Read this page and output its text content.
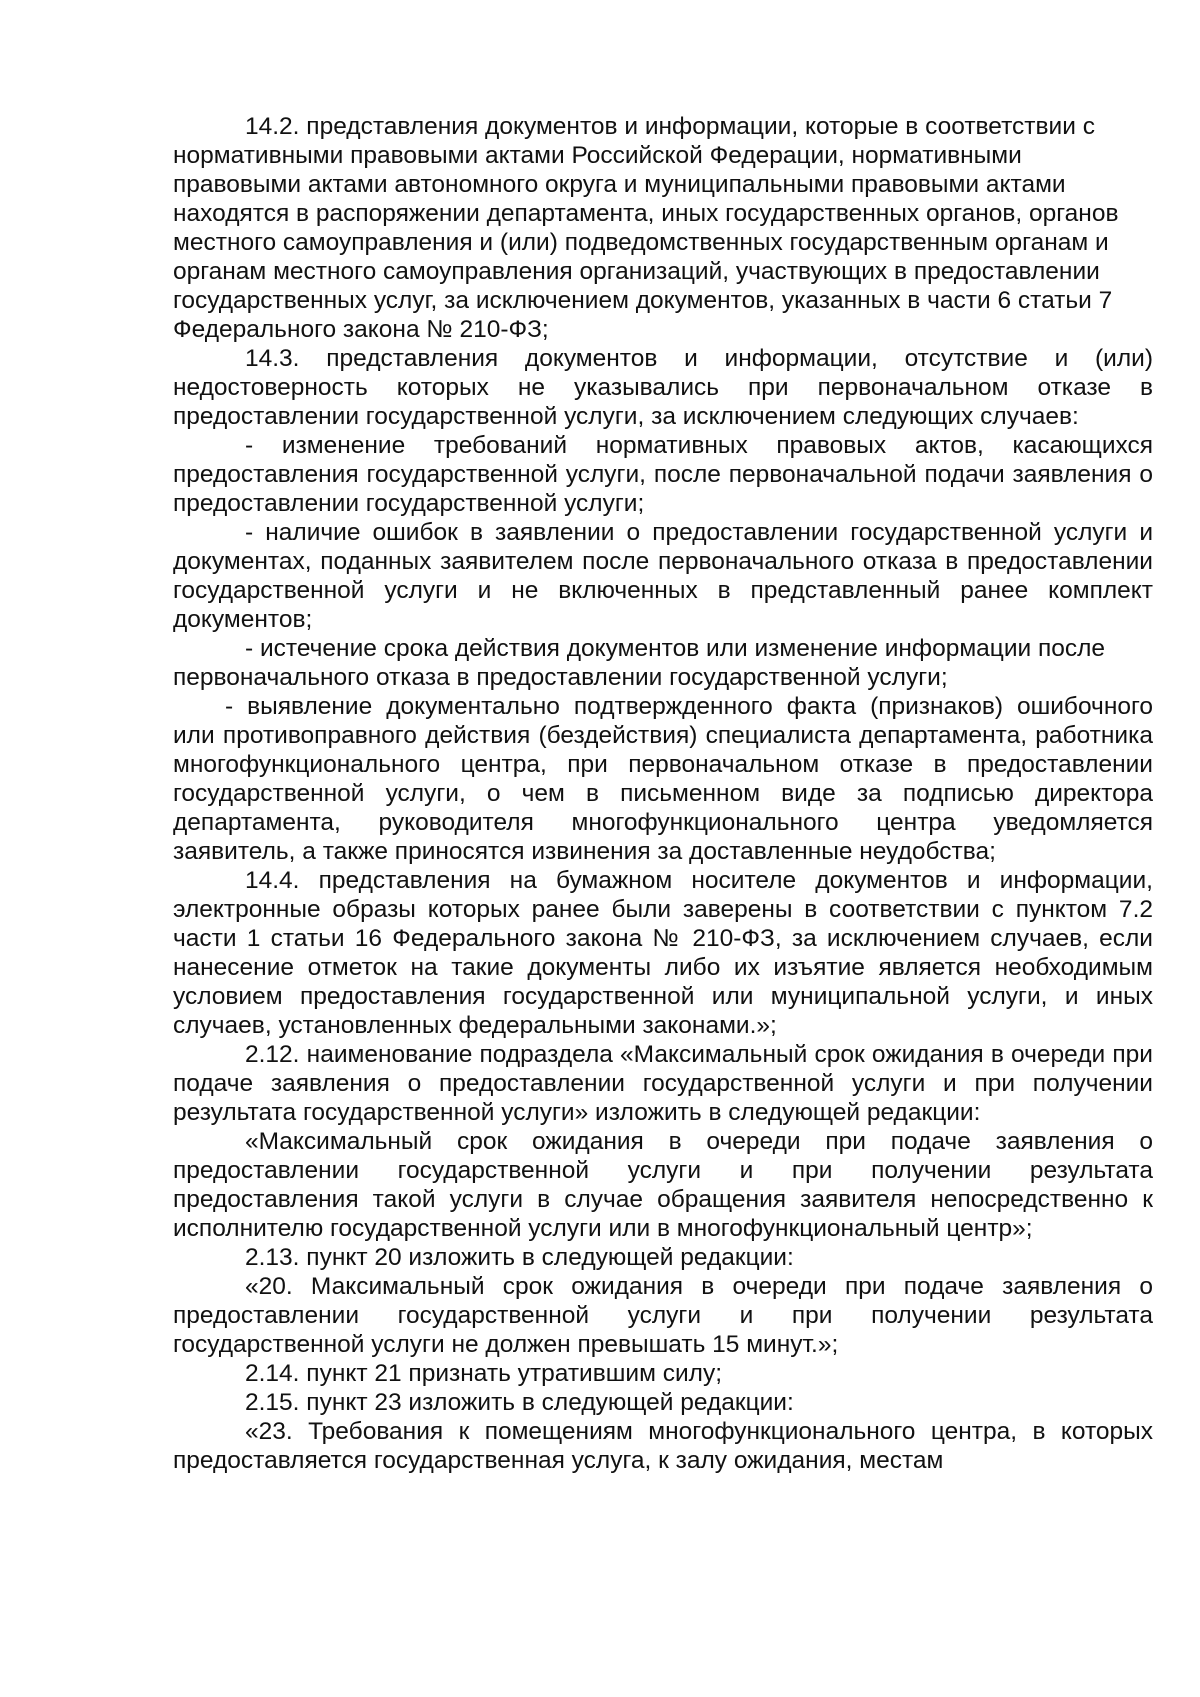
14.2. представления документов и информации, которые в соответствии с нормативными правовыми актами Российской Федерации, нормативными правовыми актами автономного округа и муниципальными правовыми актами находятся в распоряжении департамента, иных государственных органов, органов местного самоуправления и (или) подведомственных государственным органам и органам местного самоуправления организаций, участвующих в предоставлении государственных услуг, за исключением документов, указанных в части 6 статьи 7 Федерального закона № 210-ФЗ;

14.3. представления документов и информации, отсутствие и (или) недостоверность которых не указывались при первоначальном отказе в предоставлении государственной услуги, за исключением следующих случаев:

- изменение требований нормативных правовых актов, касающихся предоставления государственной услуги, после первоначальной подачи заявления о предоставлении государственной услуги;

- наличие ошибок в заявлении о предоставлении государственной услуги и документах, поданных заявителем после первоначального отказа в предоставлении государственной услуги и не включенных в представленный ранее комплект документов;

- истечение срока действия документов или изменение информации после первоначального отказа в предоставлении государственной услуги;

- выявление документально подтвержденного факта (признаков) ошибочного или противоправного действия (бездействия) специалиста департамента, работника многофункционального центра, при первоначальном отказе в предоставлении государственной услуги, о чем в письменном виде за подписью директора департамента, руководителя многофункционального центра уведомляется заявитель, а также приносятся извинения за доставленные неудобства;

14.4. представления на бумажном носителе документов и информации, электронные образы которых ранее были заверены в соответствии с пунктом 7.2 части 1 статьи 16 Федерального закона № 210-ФЗ, за исключением случаев, если нанесение отметок на такие документы либо их изъятие является необходимым условием предоставления государственной или муниципальной услуги, и иных случаев, установленных федеральными законами.»;

2.12. наименование подраздела «Максимальный срок ожидания в очереди при подаче заявления о предоставлении государственной услуги и при получении результата государственной услуги» изложить в следующей редакции:

«Максимальный срок ожидания в очереди при подаче заявления о предоставлении государственной услуги и при получении результата предоставления такой услуги в случае обращения заявителя непосредственно к исполнителю государственной услуги или в многофункциональный центр»;

2.13. пункт 20 изложить в следующей редакции:

«20. Максимальный срок ожидания в очереди при подаче заявления о предоставлении государственной услуги и при получении результата государственной услуги не должен превышать 15 минут.»;

2.14. пункт 21 признать утратившим силу;

2.15. пункт 23 изложить в следующей редакции:

«23. Требования к помещениям многофункционального центра, в которых предоставляется государственная услуга, к залу ожидания, местам
